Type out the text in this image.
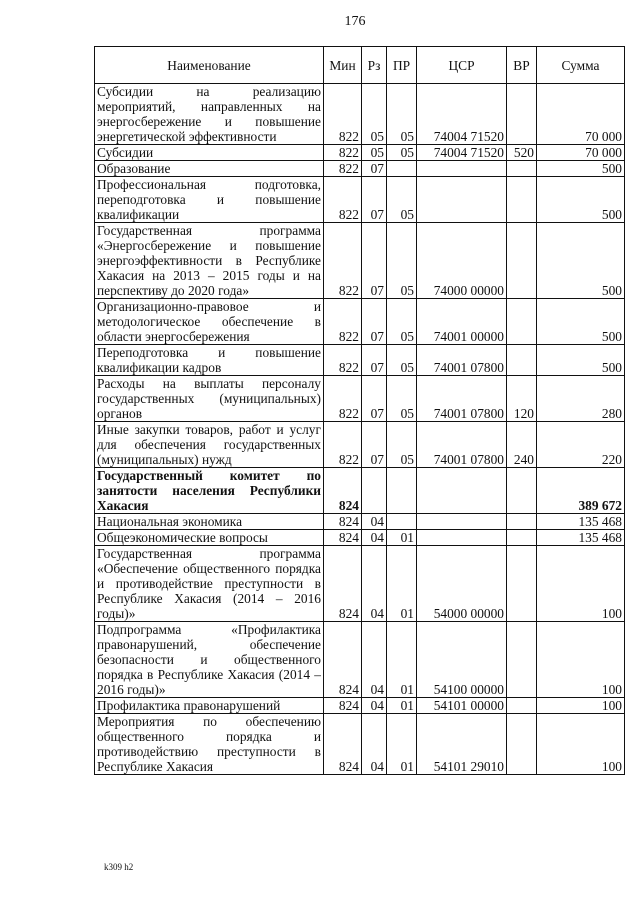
176
Наименование	Мин	Рз	ПР	ЦСР	ВР	Сумма
Субсидии на реализацию мероприятий, направленных на энергосбережение и повышение энергетической эффективности	822	05	05	74004 71520		70 000
Субсидии	822	05	05	74004 71520	520	70 000
Образование	822	07				500
Профессиональная подготовка, переподготовка и повышение квалификации	822	07	05			500
Государственная программа «Энергосбережение и повышение энергоэффективности в Республике Хакасия на 2013 – 2015 годы и на перспективу до 2020 года»	822	07	05	74000 00000		500
Организационно-правовое и методологическое обеспечение в области энергосбережения	822	07	05	74001 00000		500
Переподготовка и повышение квалификации кадров	822	07	05	74001 07800		500
Расходы на выплаты персоналу государственных (муниципальных) органов	822	07	05	74001 07800	120	280
Иные закупки товаров, работ и услуг для обеспечения государственных (муниципальных) нужд	822	07	05	74001 07800	240	220
Государственный комитет по занятости населения Республики Хакасия	824					389 672
Национальная экономика	824	04				135 468
Общеэкономические вопросы	824	04	01			135 468
Государственная программа «Обеспечение общественного порядка и противодействие преступности в Республике Хакасия (2014 – 2016 годы)»	824	04	01	54000 00000		100
Подпрограмма «Профилактика правонарушений, обеспечение безопасности и общественного порядка в Республике Хакасия (2014 – 2016 годы)»	824	04	01	54100 00000		100
Профилактика правонарушений	824	04	01	54101 00000		100
Мероприятия по обеспечению общественного порядка и противодействию преступности в Республике Хакасия	824	04	01	54101 29010		100
k309 h2
